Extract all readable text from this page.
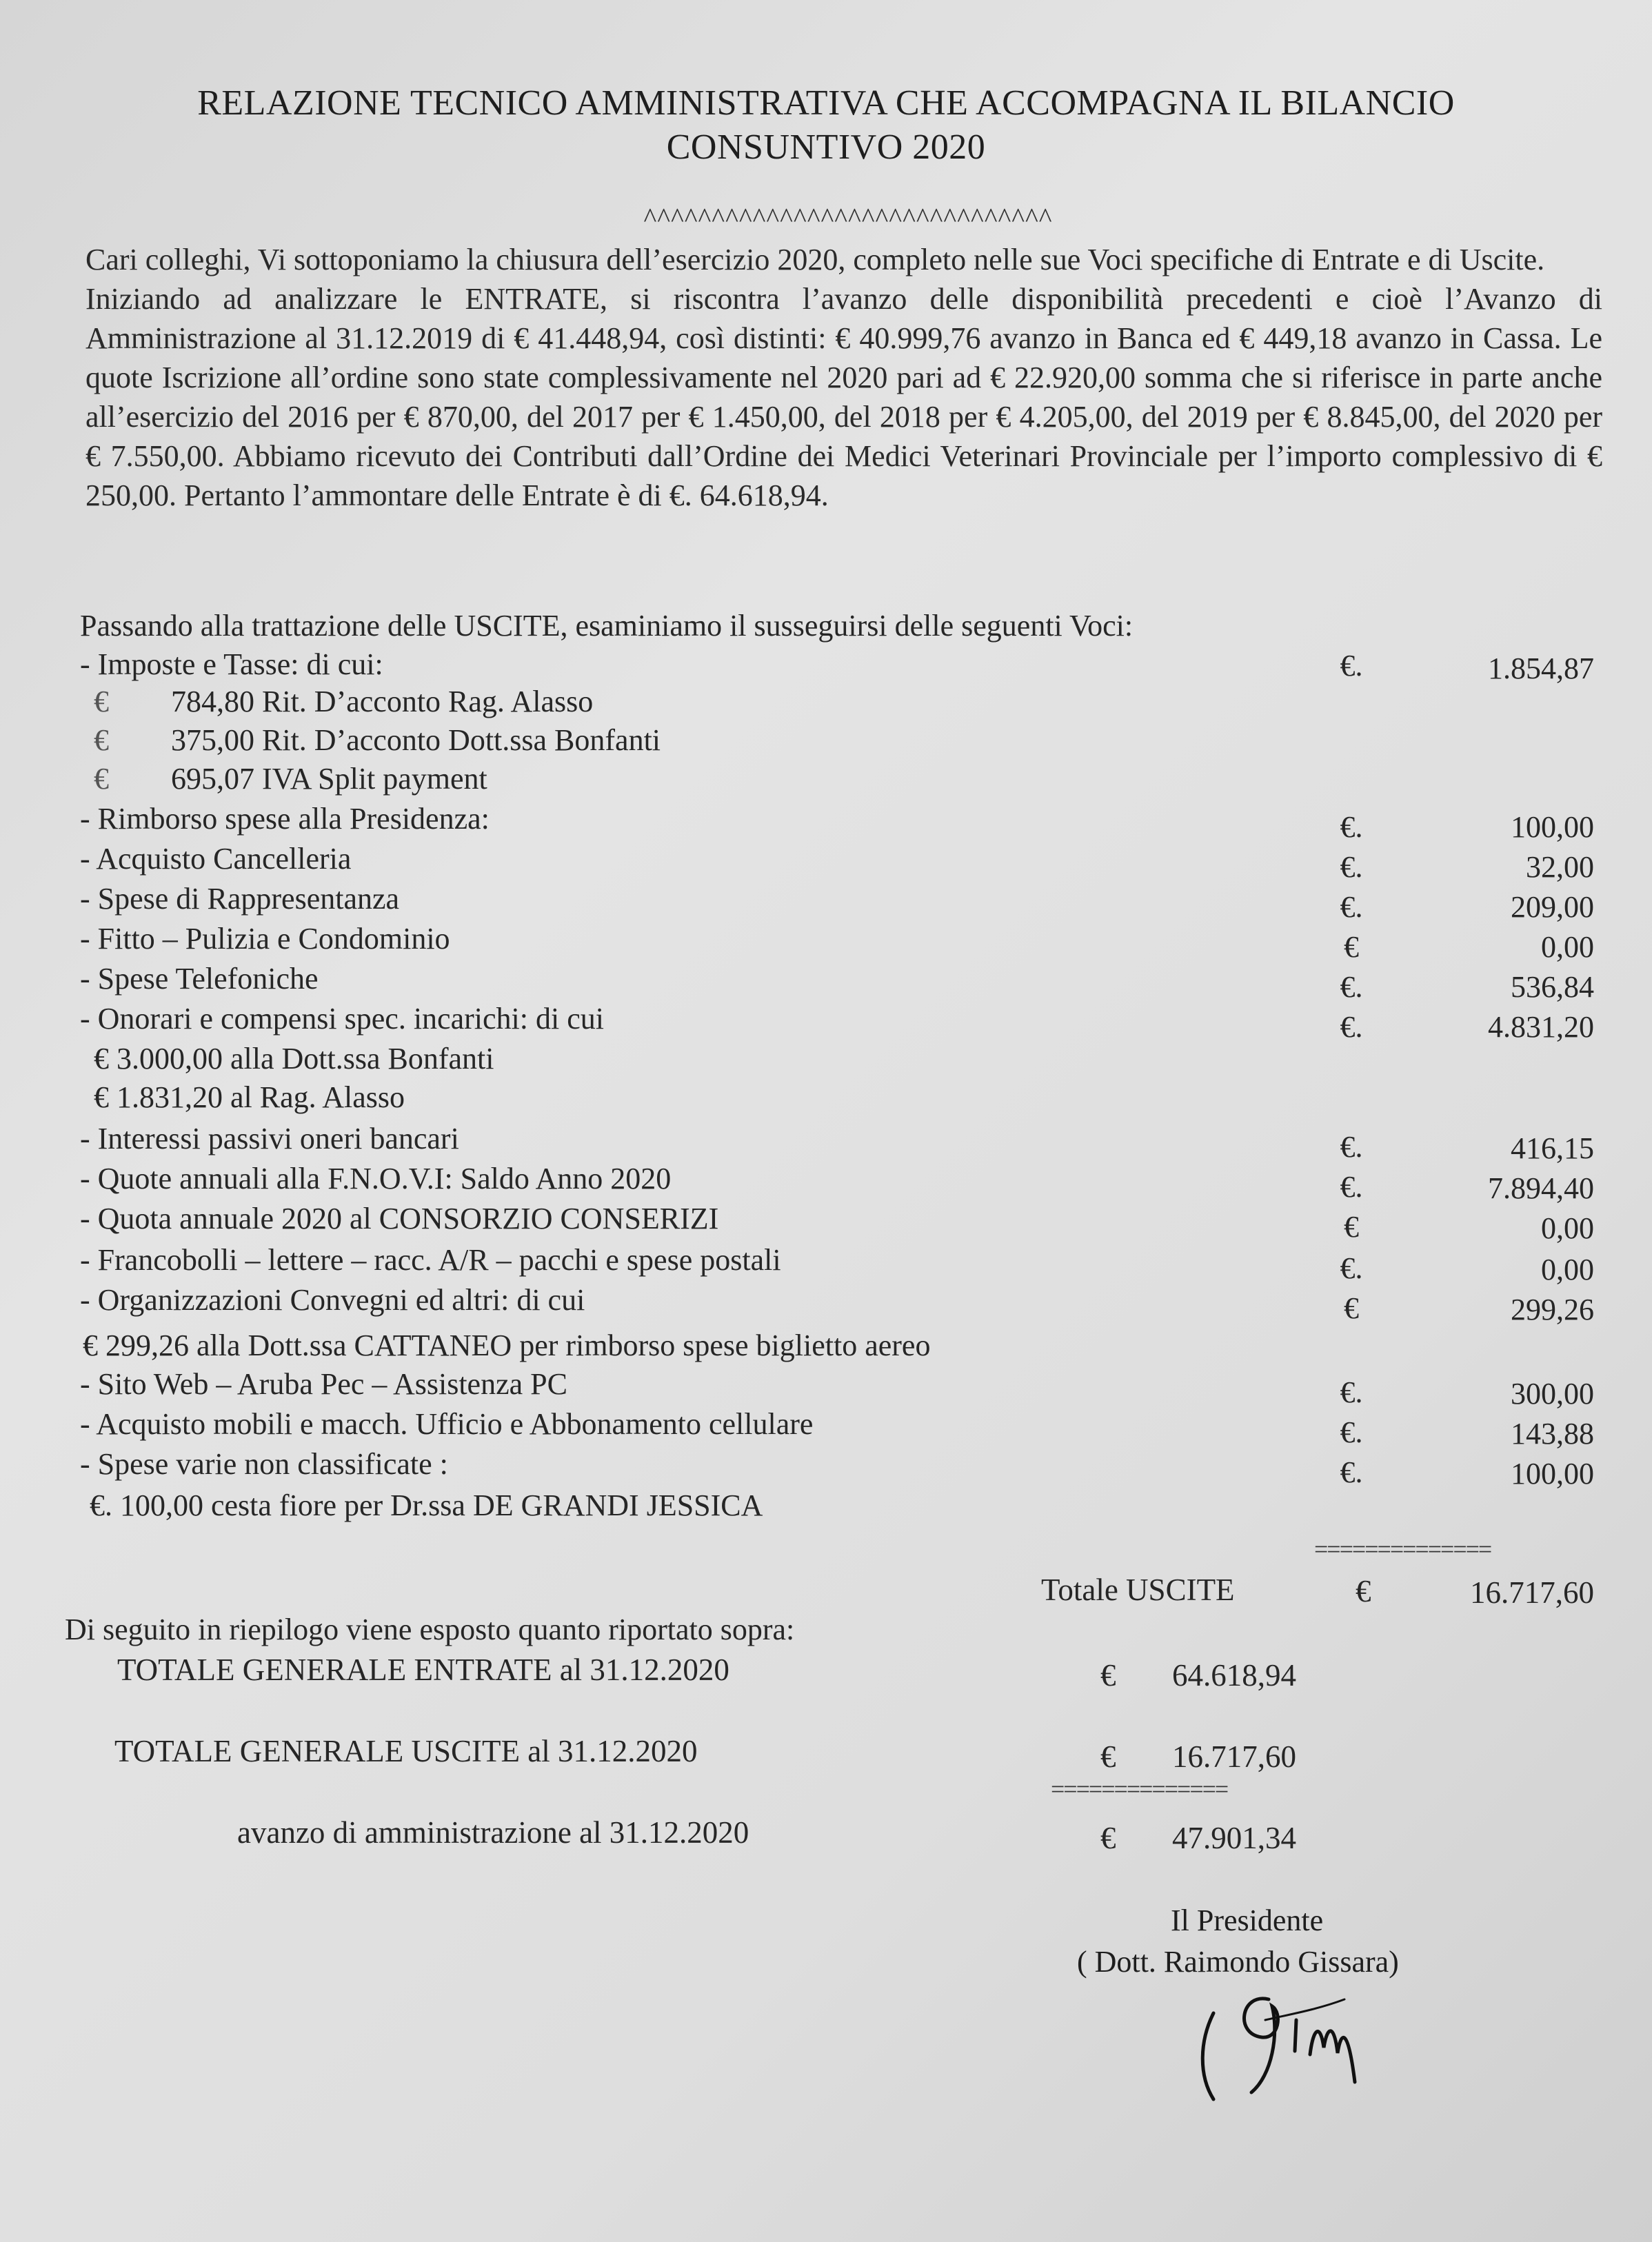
RELAZIONE TECNICO AMMINISTRATIVA CHE ACCOMPAGNA IL BILANCIO
CONSUNTIVO 2020
^^^^^^^^^^^^^^^^^^^^^^^^^^^^^^

Cari colleghi, Vi sottoponiamo la chiusura dell’esercizio 2020, completo nelle sue Voci specifiche di Entrate e di Uscite.

Iniziando ad analizzare le ENTRATE, si riscontra l’avanzo delle disponibilità precedenti e cioè l’Avanzo di Amministrazione al 31.12.2019 di € 41.448,94, così distinti: € 40.999,76 avanzo in Banca ed € 449,18 avanzo in Cassa. Le quote Iscrizione all’ordine sono state complessivamente nel 2020 pari ad € 22.920,00 somma che si riferisce in parte anche all’esercizio del 2016 per € 870,00, del 2017 per € 1.450,00, del 2018 per € 4.205,00, del 2019 per € 8.845,00, del 2020 per € 7.550,00. Abbiamo ricevuto dei Contributi dall’Ordine dei Medici Veterinari Provinciale per l’importo complessivo di € 250,00. Pertanto l’ammontare delle Entrate è di €. 64.618,94.

Passando alla trattazione delle USCITE, esaminiamo il susseguirsi delle seguenti Voci:
- Imposte e Tasse: di cui:	€.	1.854,87
€ 784,80 Rit. D’acconto Rag. Alasso
€ 375,00 Rit. D’acconto Dott.ssa Bonfanti
€ 695,07 IVA Split payment
- Rimborso spese alla Presidenza:	€.	100,00
- Acquisto Cancelleria	€.	32,00
- Spese di Rappresentanza	€.	209,00
- Fitto – Pulizia e Condominio	€	0,00
- Spese Telefoniche	€.	536,84
- Onorari e compensi spec. incarichi: di cui	€.	4.831,20
€ 3.000,00 alla Dott.ssa Bonfanti
€ 1.831,20 al Rag. Alasso
- Interessi passivi oneri bancari	€.	416,15
- Quote annuali alla F.N.O.V.I: Saldo Anno 2020	€.	7.894,40
- Quota annuale 2020 al CONSORZIO CONSERIZI	€	0,00
- Francobolli – lettere – racc. A/R – pacchi e spese postali	€.	0,00
- Organizzazioni Convegni ed altri: di cui	€	299,26
€ 299,26 alla Dott.ssa CATTANEO per rimborso spese biglietto aereo
- Sito Web – Aruba Pec – Assistenza PC	€.	300,00
- Acquisto mobili e macch. Ufficio e Abbonamento cellulare	€.	143,88
- Spese varie non classificate :	€.	100,00
€. 100,00 cesta fiore per Dr.ssa DE GRANDI JESSICA
==============
Totale USCITE	€	16.717,60
Di seguito in riepilogo viene esposto quanto riportato sopra:
TOTALE GENERALE ENTRATE al 31.12.2020	€ 64.618,94
TOTALE GENERALE USCITE al 31.12.2020	€ 16.717,60
==============
avanzo di amministrazione al 31.12.2020	€ 47.901,34
Il Presidente
( Dott. Raimondo Gissara)
